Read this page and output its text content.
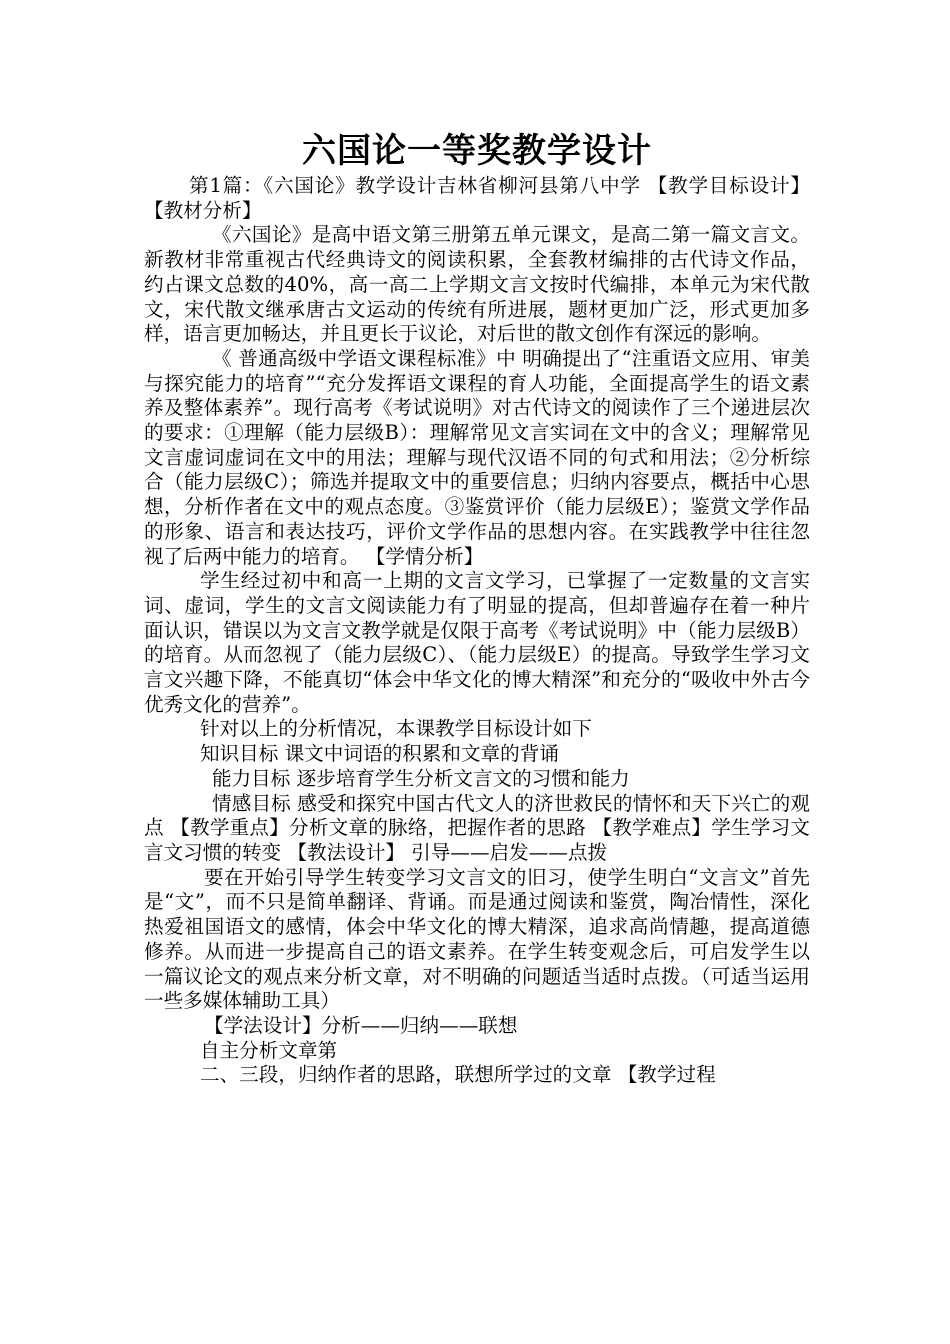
六国论一等奖教学设计

第1篇：《六国论》教学设计吉林省柳河县第八中学 【教学目标设计】 【教材分析】

《六国论》是高中语文第三册第五单元课文，是高二第一篇文言文。新教材非常重视古代经典诗文的阅读积累，全套教材编排的古代诗文作品，约占课文总数的40%，高一高二上学期文言文按时代编排，本单元为宋代散文，宋代散文继承唐古文运动的传统有所进展，题材更加广泛，形式更加多样，语言更加畅达，并且更长于议论，对后世的散文创作有深远的影响。

《 普通高级中学语文课程标准》中 明确提出了“注重语文应用、审美与探究能力的培育”“充分发挥语文课程的育人功能，全面提高学生的语文素养及整体素养”。现行高考《考试说明》对古代诗文的阅读作了三个递进层次的要求：①理解（能力层级B）：理解常见文言实词在文中的含义；理解常见文言虚词虚词在文中的用法；理解与现代汉语不同的句式和用法；②分析综合（能力层级C）；筛选并提取文中的重要信息；归纳内容要点，概括中心思想，分析作者在文中的观点态度。③鉴赏评价（能力层级E）；鉴赏文学作品的形象、语言和表达技巧，评价文学作品的思想内容。在实践教学中往往忽视了后两中能力的培育。 【学情分析】

学生经过初中和高一上期的文言文学习，已掌握了一定数量的文言实词、虚词，学生的文言文阅读能力有了明显的提高，但却普遍存在着一种片面认识，错误以为文言文教学就是仅限于高考《考试说明》中（能力层级B）的培育。从而忽视了（能力层级C）、（能力层级E）的提高。导致学生学习文言文兴趣下降，不能真切“体会中华文化的博大精深”和充分的“吸收中外古今优秀文化的营养”。

针对以上的分析情况，本课教学目标设计如下

知识目标 课文中词语的积累和文章的背诵

能力目标 逐步培育学生分析文言文的习惯和能力

情感目标 感受和探究中国古代文人的济世救民的情怀和天下兴亡的观点 【教学重点】分析文章的脉络，把握作者的思路 【教学难点】学生学习文言文习惯的转变 【教法设计】 引导——启发——点拨

要在开始引导学生转变学习文言文的旧习，使学生明白“文言文”首先是“文”，而不只是简单翻译、背诵。而是通过阅读和鉴赏，陶冶情性，深化热爱祖国语文的感情，体会中华文化的博大精深，追求高尚情趣，提高道德修养。从而进一步提高自己的语文素养。在学生转变观念后，可启发学生以一篇议论文的观点来分析文章，对不明确的问题适当适时点拨。（可适当运用一些多媒体辅助工具）

【学法设计】分析——归纳——联想

自主分析文章第

二、三段，归纳作者的思路，联想所学过的文章 【教学过程
